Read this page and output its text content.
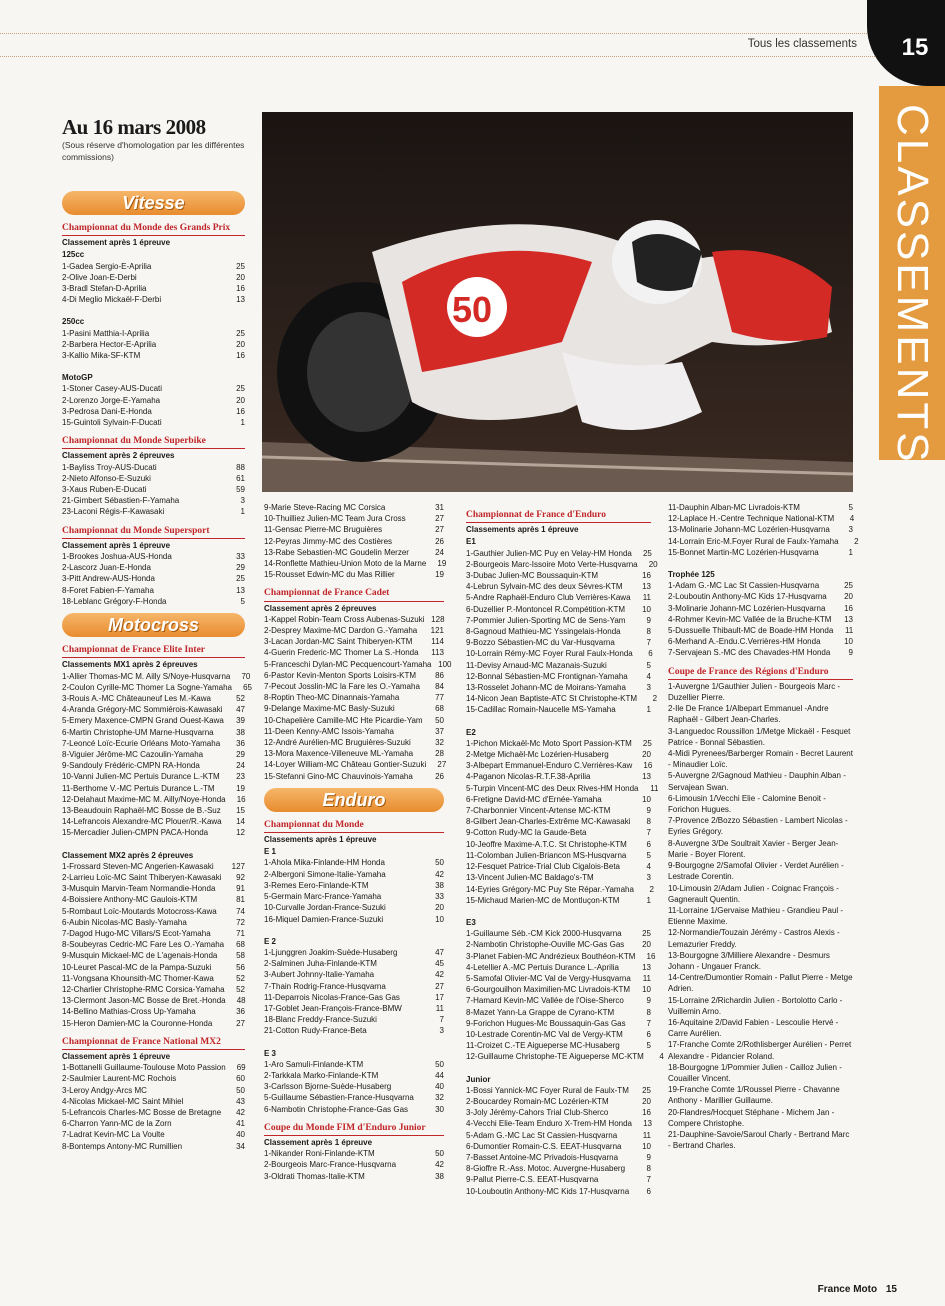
Tous les classements 15
CLASSEMENTS
50
Au 16 mars 2008
(Sous réserve d'homologation par les différentes commissions)
Vitesse
Championnat du Monde des Grands Prix
Classement après 1 épreuve
125cc
1-Gadea Sergio-E-Aprilia	25
2-Olive Joan-E-Derbi	20
3-Bradl Stefan-D-Aprilia	16
4-Di Meglio Mickaël-F-Derbi	13
250cc
1-Pasini Matthia-I-Aprilia	25
2-Barbera Hector-E-Aprilia	20
3-Kallio Mika-SF-KTM	16
MotoGP
1-Stoner Casey-AUS-Ducati	25
2-Lorenzo Jorge-E-Yamaha	20
3-Pedrosa Dani-E-Honda	16
15-Guintoli Sylvain-F-Ducati	1
Championnat du Monde Superbike
Classement après 2 épreuves
1-Bayliss Troy-AUS-Ducati	88
2-Nieto Alfonso-E-Suzuki	61
3-Xaus Ruben-E-Ducati	59
21-Gimbert Sébastien-F-Yamaha	3
23-Laconi Régis-F-Kawasaki	1
Championnat du Monde Supersport
Classement après 1 épreuve
1-Brookes Joshua-AUS-Honda	33
2-Lascorz Juan-E-Honda	29
3-Pitt Andrew-AUS-Honda	25
8-Foret Fabien-F-Yamaha	13
18-Leblanc Grégory-F-Honda	5
Motocross
Championnat de France Elite Inter
Classements MX1 après 2 épreuves
1-Allier Thomas-MC M. Ailly S/Noye-Husqvarna	70
2-Coulon Cyrille-MC Thomer La Sogne-Yamaha	65
3-Rouis A.-MC Châteauneuf Les M.-Kawa	52
4-Aranda Grégory-MC Sommiérois-Kawasaki	47
5-Emery Maxence-CMPN Grand Ouest-Kawa	39
6-Martin Christophe-UM Marne-Husqvarna	38
7-Leoncé Loïc-Ecurie Orléans Moto-Yamaha	36
8-Viguier Jérôme-MC Cazoulin-Yamaha	29
9-Sandouly Frédéric-CMPN RA-Honda	24
10-Vanni Julien-MC Pertuis Durance L.-KTM	23
11-Berthome V.-MC Pertuis Durance L.-TM	19
12-Delahaut Maxime-MC M. Ailly/Noye-Honda	16
13-Beaudouin Raphaël-MC Bosse de B.-Suz	15
14-Lefrancois Alexandre-MC Plouer/R.-Kawa	14
15-Mercadier Julien-CMPN PACA-Honda	12
Classement MX2 après 2 épreuves
1-Frossard Steven-MC Angerien-Kawasaki	127
2-Larrieu Loïc-MC Saint Thiberyen-Kawasaki	92
3-Musquin Marvin-Team Normandie-Honda	91
4-Boissiere Anthony-MC Gaulois-KTM	81
5-Rombaut Loïc-Moutards Motocross-Kawa	74
6-Aubin Nicolas-MC Basly-Yamaha	72
7-Dagod Hugo-MC Villars/S Ecot-Yamaha	71
8-Soubeyras Cedric-MC Fare Les O.-Yamaha	68
9-Musquin Mickael-MC de L'agenais-Honda	58
10-Leuret Pascal-MC de la Pampa-Suzuki	56
11-Vongsana Khounsith-MC Thomer-Kawa	52
12-Charlier Christophe-RMC Corsica-Yamaha	52
13-Clermont Jason-MC Bosse de Bret.-Honda	48
14-Bellino Mathias-Cross Up-Yamaha	36
15-Heron Damien-MC la Couronne-Honda	27
Championnat de France National MX2
Classement après 1 épreuve
1-Bottanelli Guillaume-Toulouse Moto Passion	69
2-Saulmier Laurent-MC Rochois	60
3-Leroy Andgy-Arcs MC	50
4-Nicolas Mickael-MC Saint Mihiel	43
5-Lefrancois Charles-MC Bosse de Bretagne	42
6-Charron Yann-MC de la Zorn	41
7-Ladrat Kevin-MC La Voulte	40
8-Bontemps Antony-MC Rumillien	34
9-Marie Steve-Racing MC Corsica	31
10-Thuilliez Julien-MC Team Jura Cross	27
11-Gensac Pierre-MC Bruguières	27
12-Peyras Jimmy-MC des Costières	26
13-Rabe Sebastien-MC Goudelin Merzer	24
14-Ronflette Mathieu-Union Moto de la Marne	19
15-Rousset Edwin-MC du Mas Rillier	19
Championnat de France Cadet
Classement après 2 épreuves
1-Kappel Robin-Team Cross Aubenas-Suzuki 128
2-Desprey Maxime-MC Dardon G.-Yamaha	121
3-Lacan Jordan-MC Saint Thiberyen-KTM	114
4-Guerin Frederic-MC Thomer La S.-Honda	113
5-Franceschi Dylan-MC Pecquencourt-Yamaha 100
6-Pastor Kevin-Menton Sports Loisirs-KTM	86
7-Pecout Josslin-MC la Fare les O.-Yamaha	84
8-Roptin Theo-MC Dinannais-Yamaha	77
9-Delange Maxime-MC Basly-Suzuki	68
10-Chapelière Camille-MC Hte Picardie-Yam	50
11-Deen Kenny-AMC Issois-Yamaha	37
12-André Aurélien-MC Bruguières-Suzuki	32
13-Mora Maxence-Villeneuve ML-Yamaha	28
14-Loyer William-MC Château Gontier-Suzuki	27
15-Stefanni Gino-MC Chauvinois-Yamaha	26
Enduro
Championnat du Monde
Classements après 1 épreuve
E 1
1-Ahola Mika-Finlande-HM Honda	50
2-Albergoni Simone-Italie-Yamaha	42
3-Remes Eero-Finlande-KTM	38
5-Germain Marc-France-Yamaha	33
10-Curvalle Jordan-France-Suzuki	20
16-Miquel Damien-France-Suzuki	10
E 2
1-Ljunggren Joakim-Suède-Husaberg	47
2-Salminen Juha-Finlande-KTM	45
3-Aubert Johnny-Italie-Yamaha	42
7-Thain Rodrig-France-Husqvarna	27
11-Deparrois Nicolas-France-Gas Gas	17
17-Goblet Jean-François-France-BMW	11
18-Blanc Freddy-France-Suzuki	7
21-Cotton Rudy-France-Beta	3
E 3
1-Aro Samuli-Finlande-KTM	50
2-Tarkkala Marko-Finlande-KTM	44
3-Carlsson Bjorne-Suède-Husaberg	40
5-Guillaume Sébastien-France-Husqvarna	32
6-Nambotin Christophe-France-Gas Gas	30
Coupe du Monde FIM d'Enduro Junior
Classement après 1 épreuve
1-Nikander Roni-Finlande-KTM	50
2-Bourgeois Marc-France-Husqvarna	42
3-Oldrati Thomas-Italie-KTM	38
Championnat de France d'Enduro
Classements après 1 épreuve
E1
1-Gauthier Julien-MC Puy en Velay-HM Honda	25
2-Bourgeois Marc-Issoire Moto Verte-Husqvarna	20
3-Dubac Julien-MC Boussaquin-KTM	16
4-Lebrun Sylvain-MC des deux Sèvres-KTM	13
5-Andre Raphaël-Enduro Club Verrières-Kawa	11
6-Duzellier P.-Montoncel R.Compétition-KTM	10
7-Pommier Julien-Sporting MC de Sens-Yam	9
8-Gagnoud Mathieu-MC Yssingelais-Honda	8
9-Bozzo Sébastien-MC du Var-Husqvarna	7
10-Lorrain Rémy-MC Foyer Rural Faulx-Honda	6
11-Devisy Arnaud-MC Mazanais-Suzuki	5
12-Bonnal Sébastien-MC Frontignan-Yamaha	4
13-Rosselet Johann-MC de Moirans-Yamaha	3
14-Nicon Jean Baptiste-ATC St Christophe-KTM	2
15-Cadillac Romain-Naucelle MS-Yamaha	1
E2
1-Pichon Mickaël-Mc Moto Sport Passion-KTM	25
2-Metge Michaël-Mc Lozérien-Husaberg	20
3-Albepart Emmanuel-Enduro C.Verrières-Kaw	16
4-Paganon Nicolas-R.T.F.38-Aprilia	13
5-Turpin Vincent-MC des Deux Rives-HM Honda	11
6-Fretigne David-MC d'Ernée-Yamaha	10
7-Charbonnier Vincent-Artense MC-KTM	9
8-Gilbert Jean-Charles-Extrême MC-Kawasaki	8
9-Cotton Rudy-MC la Gaude-Beta	7
10-Jeoffre Maxime-A.T.C. St Christophe-KTM	6
11-Colomban Julien-Briancon MS-Husqvarna	5
12-Fesquet Patrice-Trial Club Cigalois-Beta	4
13-Vincent Julien-MC Baldago's-TM	3
14-Eyries Grégory-MC Puy Ste Répar.-Yamaha	2
15-Michaud Marien-MC de Montluçon-KTM	1
E3
1-Guillaume Séb.-CM Kick 2000-Husqvarna	25
2-Nambotin Christophe-Ouville MC-Gas Gas	20
3-Planet Fabien-MC Andrézieux Bouthéon-KTM	16
4-Letellier A.-MC Pertuis Durance L.-Aprilia	13
5-Samofal Olivier-MC Val de Vergy-Husqvarna	11
6-Gourgouilhon Maximilien-MC Livradois-KTM	10
7-Hamard Kevin-MC Vallée de l'Oise-Sherco	9
8-Mazet Yann-La Grappe de Cyrano-KTM	8
9-Forichon Hugues-Mc Boussaquin-Gas Gas	7
10-Lestrade Corentin-MC Val de Vergy-KTM	6
11-Croizet C.-TE Aigueperse MC-Husaberg	5
12-Guillaume Christophe-TE Aigueperse MC-KTM	4
Junior
1-Bossi Yannick-MC Foyer Rural de Faulx-TM	25
2-Boucardey Romain-MC Lozérien-KTM	20
3-Joly Jérémy-Cahors Trial Club-Sherco	16
4-Vecchi Elie-Team Enduro X-Trem-HM Honda	13
5-Adam G.-MC Lac St Cassien-Husqvarna	11
6-Dumontier Romain-C.S. EEAT-Husqvarna	10
7-Basset Antoine-MC Privadois-Husqvarna	9
8-Gioffre R.-Ass. Motoc. Auvergne-Husaberg	8
9-Pallut Pierre-C.S. EEAT-Husqvarna	7
10-Louboutin Anthony-MC Kids 17-Husqvarna	6
11-Dauphin Alban-MC Livradois-KTM	5
12-Laplace H.-Centre Technique National-KTM	4
13-Molinarie Johann-MC Lozérien-Husqvarna	3
14-Lorrain Eric-M.Foyer Rural de Faulx-Yamaha	2
15-Bonnet Martin-MC Lozérien-Husqvarna	1
Trophée 125
1-Adam G.-MC Lac St Cassien-Husqvarna	25
2-Louboutin Anthony-MC Kids 17-Husqvarna	20
3-Molinarie Johann-MC Lozérien-Husqvarna	16
4-Rohmer Kevin-MC Vallée de la Bruche-KTM	13
5-Dussuelle Thibault-MC de Boade-HM Honda	11
6-Merhand A.-Endu.C.Verrières-HM Honda	10
7-Servajean S.-MC des Chavades-HM Honda	9
Coupe de France des Régions d'Enduro
1-Auvergne 1/Gauthier Julien - Bourgeois Marc - Duzellier Pierre.
2-Ile De France 1/Albepart Emmanuel -Andre Raphaël - Gilbert Jean-Charles.
3-Languedoc Roussillon 1/Metge Mickaël - Fesquet Patrice - Bonnal Sébastien.
4-Midi Pyrenees/Barberger Romain - Becret Laurent - Minaudier Loïc.
5-Auvergne 2/Gagnoud Mathieu - Dauphin Alban - Servajean Swan.
6-Limousin 1/Vecchi Elie - Calomine Benoit - Forichon Hugues.
7-Provence 2/Bozzo Sébastien - Lambert Nicolas - Eyries Grégory.
8-Auvergne 3/De Soultrait Xavier - Berger Jean-Marie - Boyer Florent.
9-Bourgogne 2/Samofal Olivier - Verdet Aurélien - Lestrade Corentin.
10-Limousin 2/Adam Julien - Coignac François - Gagnerault Quentin.
11-Lorraine 1/Gervaise Mathieu - Grandieu Paul - Etienne Maxime.
12-Normandie/Touzain Jérémy - Castros Alexis - Lemazurier Freddy.
13-Bourgogne 3/Milliere Alexandre - Desmurs Johann - Ungauer Franck.
14-Centre/Dumontier Romain - Pallut Pierre - Metge Adrien.
15-Lorraine 2/Richardin Julien - Bortolotto Carlo - Vuillemin Arno.
16-Aquitaine 2/David Fabien - Lescoulie Hervé - Carre Aurélien.
17-Franche Comte 2/Rothlisberger Aurélien - Perret Alexandre - Pidancier Roland.
18-Bourgogne 1/Pommier Julien - Cailloz Julien - Couailler Vincent.
19-Franche Comte 1/Roussel Pierre - Chavanne Anthony - Marillier Guillaume.
20-Flandres/Hocquet Stéphane - Michem Jan - Compere Christophe.
21-Dauphine-Savoie/Saroul Charly - Bertrand Marc - Bertrand Charles.
France Moto 15
